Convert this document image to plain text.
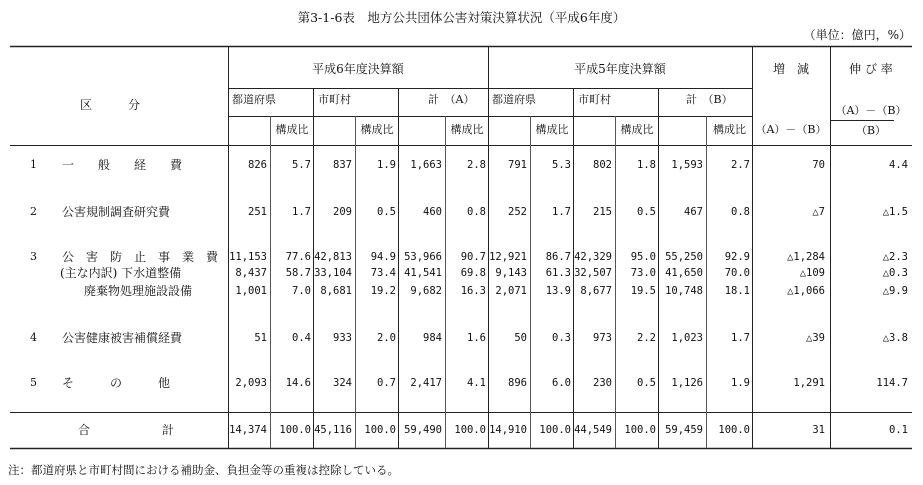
第3-1-6表　地方公共団体公害対策決算状況（平成6年度）
（単位：億円，%）
区　　　分
平成6年度決算額	平成5年度決算額
都道府県	市町村	計　（A） 都道府県	市町村	計　（B）
構成比	構成比	構成比	構成比	構成比	構成比
増　減
（A）－（B）
伸 び 率
（A）－（B）
（B）
1 一　　般　　経　　費	826	5.7	837	1.9	1,663	2.8	791	5.3	802	1.8	1,593	2.7	70	4.4
2 公害規制調査研究費	251	1.7	209	0.5	460	0.8	252	1.7	215	0.5	467	0.8	△7	△1.5
3 公　害　防　止　事　業　費	11,153	77.6 42,813	94.9 53,966	90.7 12,921	86.7 42,329	95.0 55,250	92.9	△1,284	△2.3
(主な内訳) 下水道整備	8,437	58.7 33,104	73.4 41,541	69.8 9,143	61.3 32,507	73.0 41,650	70.0	△109	△0.3
廃棄物処理施設設備	1,001	7.0 8,681	19.2	9,682	16.3 2,071	13.9 8,677	19.5 10,748	18.1	△1,066	△9.9
4 公害健康被害補償経費	51	0.4	933	2.0	984	1.6	50	0.3	973	2.2	1,023	1.7	△39	△3.8
5 そ　　　の　　　他	2,093	14.6	324	0.7	2,417	4.1	896	6.0	230	0.5	1,126	1.9	1,291	114.7
合　　　　　　計	14,374	100.0 45,116	100.0 59,490	100.0 14,910	100.0 44,549	100.0 59,459	100.0	31	0.1
注：都道府県と市町村間における補助金、負担金等の重複は控除している。
